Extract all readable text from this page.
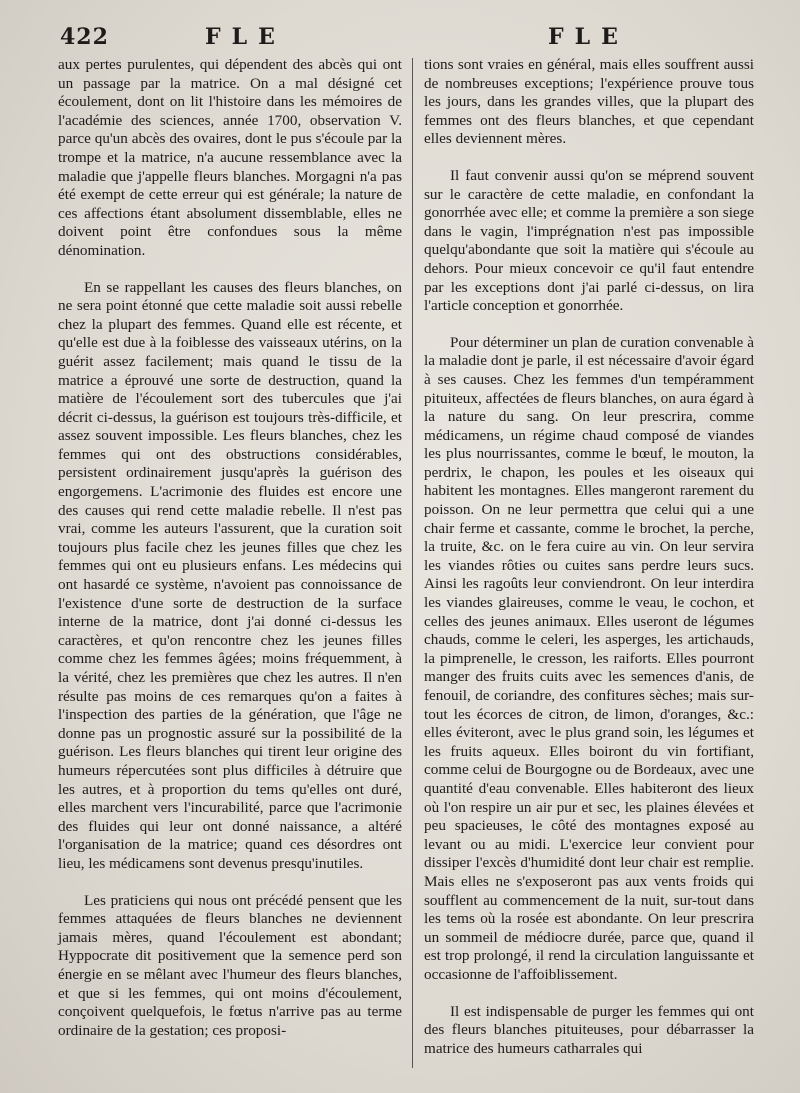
422	FLE	FLE

aux pertes purulentes, qui dépendent des abcès qui ont un passage par la matrice. On a mal désigné cet écoulement, dont on lit l'histoire dans les mémoires de l'académie des sciences, année 1700, observation V. parce qu'un abcès des ovaires, dont le pus s'écoule par la trompe et la matrice, n'a aucune ressemblance avec la maladie que j'appelle fleurs blanches. Morgagni n'a pas été exempt de cette erreur qui est générale; la nature de ces affections étant absolument dissemblable, elles ne doivent point être confondues sous la même dénomination.

En se rappellant les causes des fleurs blanches, on ne sera point étonné que cette maladie soit aussi rebelle chez la plupart des femmes. Quand elle est récente, et qu'elle est due à la foiblesse des vaisseaux utérins, on la guérit assez facilement; mais quand le tissu de la matrice a éprouvé une sorte de destruction, quand la matière de l'écoulement sort des tubercules que j'ai décrit ci-dessus, la guérison est toujours très-difficile, et assez souvent impossible. Les fleurs blanches, chez les femmes qui ont des obstructions considérables, persistent ordinairement jusqu'après la guérison des engorgemens. L'acrimonie des fluides est encore une des causes qui rend cette maladie rebelle. Il n'est pas vrai, comme les auteurs l'assurent, que la curation soit toujours plus facile chez les jeunes filles que chez les femmes qui ont eu plusieurs enfans. Les médecins qui ont hasardé ce système, n'avoient pas connoissance de l'existence d'une sorte de destruction de la surface interne de la matrice, dont j'ai donné ci-dessus les caractères, et qu'on rencontre chez les jeunes filles comme chez les femmes âgées; moins fréquemment, à la vérité, chez les premières que chez les autres. Il n'en résulte pas moins de ces remarques qu'on a faites à l'inspection des parties de la génération, que l'âge ne donne pas un prognostic assuré sur la possibilité de la guérison. Les fleurs blanches qui tirent leur origine des humeurs répercutées sont plus difficiles à détruire que les autres, et à proportion du tems qu'elles ont duré, elles marchent vers l'incurabilité, parce que l'acrimonie des fluides qui leur ont donné naissance, a altéré l'organisation de la matrice; quand ces désordres ont lieu, les médicamens sont devenus presqu'inutiles.

Les praticiens qui nous ont précédé pensent que les femmes attaquées de fleurs blanches ne deviennent jamais mères, quand l'écoulement est abondant; Hyppocrate dit positivement que la semence perd son énergie en se mêlant avec l'humeur des fleurs blanches, et que si les femmes, qui ont moins d'écoulement, conçoivent quelquefois, le fœtus n'arrive pas au terme ordinaire de la gestation; ces proposi-

tions sont vraies en général, mais elles souffrent aussi de nombreuses exceptions; l'expérience prouve tous les jours, dans les grandes villes, que la plupart des femmes ont des fleurs blanches, et que cependant elles deviennent mères.

Il faut convenir aussi qu'on se méprend souvent sur le caractère de cette maladie, en confondant la gonorrhée avec elle; et comme la première a son siege dans le vagin, l'imprégnation n'est pas impossible quelqu'abondante que soit la matière qui s'écoule au dehors. Pour mieux concevoir ce qu'il faut entendre par les exceptions dont j'ai parlé ci-dessus, on lira l'article conception et gonorrhée.

Pour déterminer un plan de curation convenable à la maladie dont je parle, il est nécessaire d'avoir égard à ses causes. Chez les femmes d'un tempéramment pituiteux, affectées de fleurs blanches, on aura égard à la nature du sang. On leur prescrira, comme médicamens, un régime chaud composé de viandes les plus nourrissantes, comme le bœuf, le mouton, la perdrix, le chapon, les poules et les oiseaux qui habitent les montagnes. Elles mangeront rarement du poisson. On ne leur permettra que celui qui a une chair ferme et cassante, comme le brochet, la perche, la truite, &c. on le fera cuire au vin. On leur servira les viandes rôties ou cuites sans perdre leurs sucs. Ainsi les ragoûts leur conviendront. On leur interdira les viandes glaireuses, comme le veau, le cochon, et celles des jeunes animaux. Elles useront de légumes chauds, comme le celeri, les asperges, les artichauds, la pimprenelle, le cresson, les raiforts. Elles pourront manger des fruits cuits avec les semences d'anis, de fenouil, de coriandre, des confitures sèches; mais sur-tout les écorces de citron, de limon, d'oranges, &c.: elles éviteront, avec le plus grand soin, les légumes et les fruits aqueux. Elles boiront du vin fortifiant, comme celui de Bourgogne ou de Bordeaux, avec une quantité d'eau convenable. Elles habiteront des lieux où l'on respire un air pur et sec, les plaines élevées et peu spacieuses, le côté des montagnes exposé au levant ou au midi. L'exercice leur convient pour dissiper l'excès d'humidité dont leur chair est remplie. Mais elles ne s'exposeront pas aux vents froids qui soufflent au commencement de la nuit, sur-tout dans les tems où la rosée est abondante. On leur prescrira un sommeil de médiocre durée, parce que, quand il est trop prolongé, il rend la circulation languissante et occasionne de l'affoiblissement.

Il est indispensable de purger les femmes qui ont des fleurs blanches pituiteuses, pour débarrasser la matrice des humeurs catharrales qui
